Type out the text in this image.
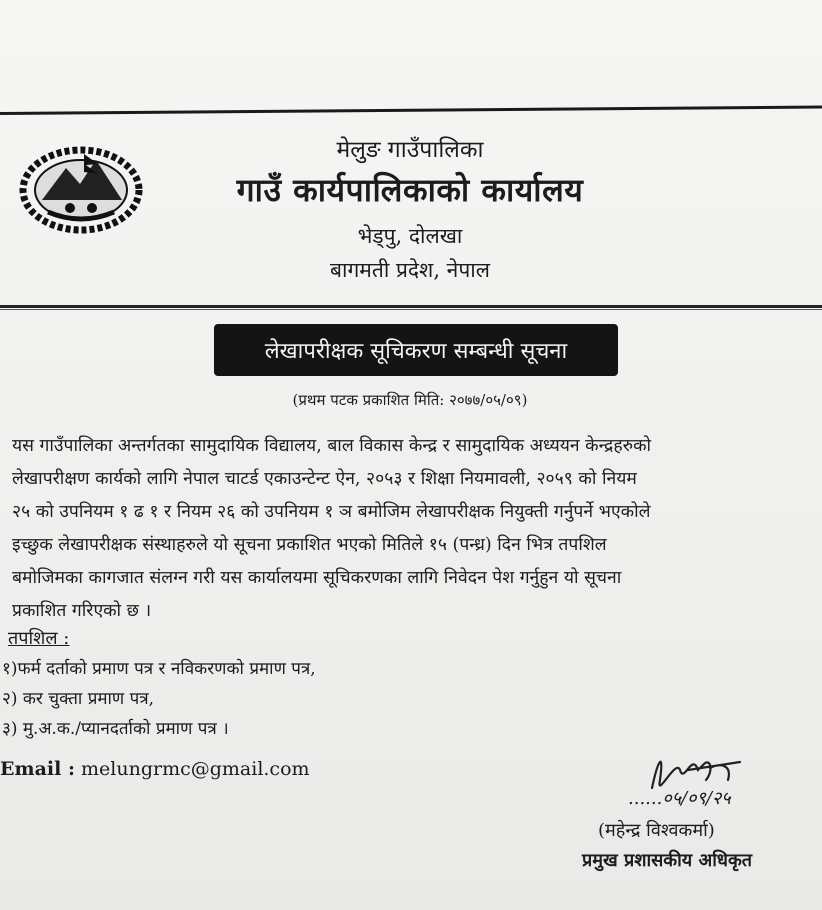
मेलुङ गाउँपालिका
गाउँ कार्यपालिकाको कार्यालय
भेड्पु, दोलखा
बागमती प्रदेश, नेपाल
लेखापरीक्षक सूचिकरण सम्बन्धी सूचना
(प्रथम पटक प्रकाशित मिति: २०७७/०५/०९)
यस गाउँपालिका अन्तर्गतका सामुदायिक विद्यालय, बाल विकास केन्द्र र सामुदायिक अध्ययन केन्द्रहरुको
लेखापरीक्षण कार्यको लागि नेपाल चाटर्ड एकाउन्टेन्ट ऐन, २०५३ र शिक्षा नियमावली, २०५९ को नियम
२५ को उपनियम १ ढ १ र नियम २६ को उपनियम १ ञ बमोजिम लेखापरीक्षक नियुक्ती गर्नुपर्ने भएकोले
इच्छुक लेखापरीक्षक संस्थाहरुले यो सूचना प्रकाशित भएको मितिले १५ (पन्ध्र) दिन भित्र तपशिल
बमोजिमका कागजात संलग्न गरी यस कार्यालयमा सूचिकरणका लागि निवेदन पेश गर्नुहुन यो सूचना
प्रकाशित गरिएको छ ।
तपशिल :
१)फर्म दर्ताको प्रमाण पत्र र नविकरणको प्रमाण पत्र,
२) कर चुक्ता प्रमाण पत्र,
३) मु.अ.क./प्यानदर्ताको प्रमाण पत्र ।
Email : melungrmc@gmail.com
......०५/०९/२५
(महेन्द्र विश्वकर्मा)
प्रमुख प्रशासकीय अधिकृत
